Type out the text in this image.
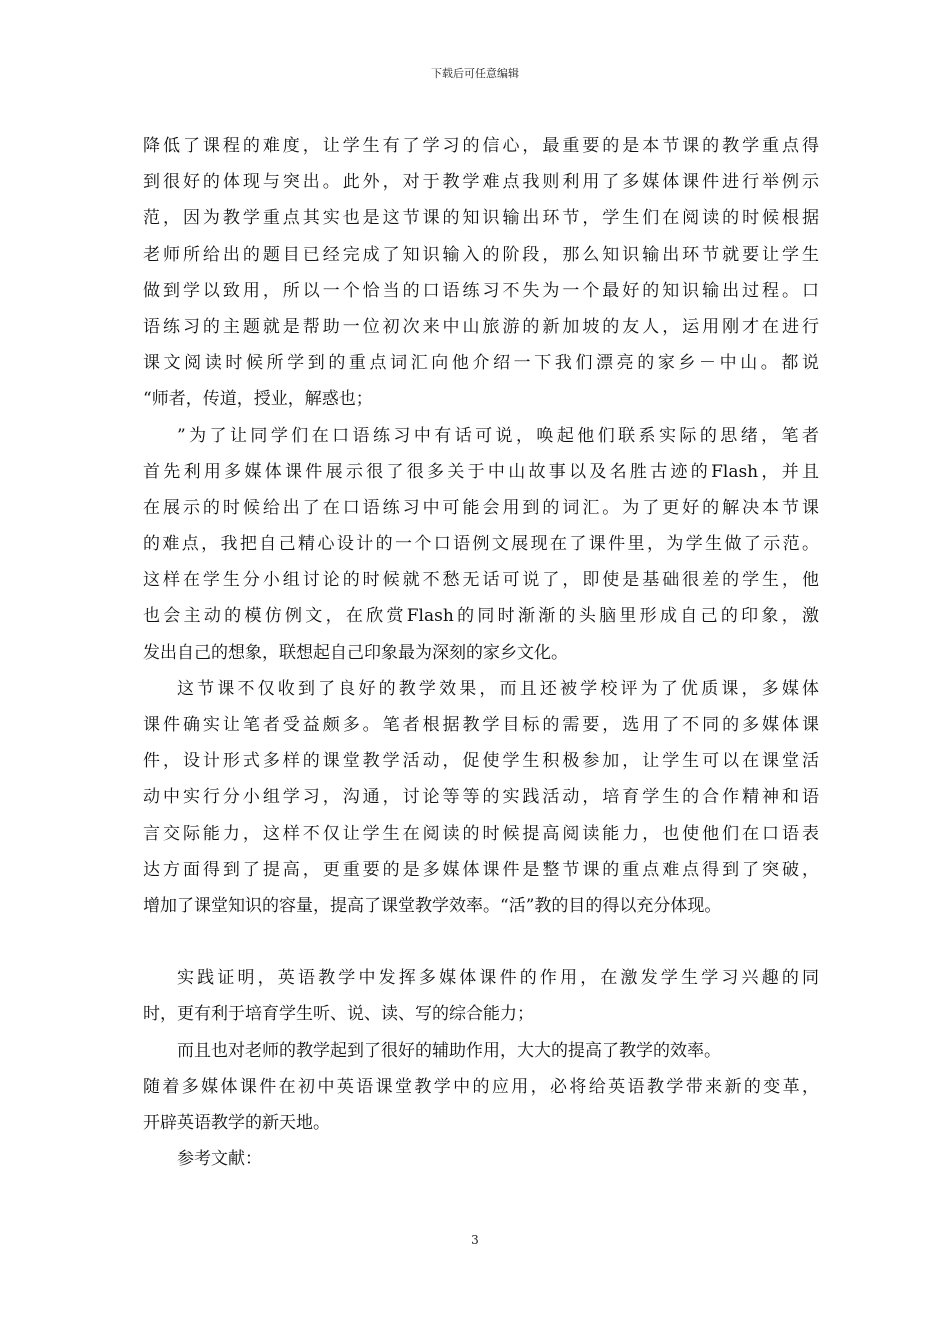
下载后可任意编辑
降低了课程的难度，让学生有了学习的信心，最重要的是本节课的教学重点得
到很好的体现与突出。此外，对于教学难点我则利用了多媒体课件进行举例示
范，因为教学重点其实也是这节课的知识输出环节，学生们在阅读的时候根据
老师所给出的题目已经完成了知识输入的阶段，那么知识输出环节就要让学生
做到学以致用，所以一个恰当的口语练习不失为一个最好的知识输出过程。口
语练习的主题就是帮助一位初次来中山旅游的新加坡的友人，运用刚才在进行
课文阅读时候所学到的重点词汇向他介绍一下我们漂亮的家乡－中山。都说
“师者，传道，授业，解惑也；
”为了让同学们在口语练习中有话可说，唤起他们联系实际的思绪，笔者
首先利用多媒体课件展示很了很多关于中山故事以及名胜古迹的Flash，并且
在展示的时候给出了在口语练习中可能会用到的词汇。为了更好的解决本节课
的难点，我把自己精心设计的一个口语例文展现在了课件里，为学生做了示范。
这样在学生分小组讨论的时候就不愁无话可说了，即使是基础很差的学生，他
也会主动的模仿例文，在欣赏Flash的同时渐渐的头脑里形成自己的印象，激
发出自己的想象，联想起自己印象最为深刻的家乡文化。
这节课不仅收到了良好的教学效果，而且还被学校评为了优质课，多媒体
课件确实让笔者受益颇多。笔者根据教学目标的需要，选用了不同的多媒体课
件，设计形式多样的课堂教学活动，促使学生积极参加，让学生可以在课堂活
动中实行分小组学习，沟通，讨论等等的实践活动，培育学生的合作精神和语
言交际能力，这样不仅让学生在阅读的时候提高阅读能力，也使他们在口语表
达方面得到了提高，更重要的是多媒体课件是整节课的重点难点得到了突破，
增加了课堂知识的容量，提高了课堂教学效率。“活”教的目的得以充分体现。
实践证明，英语教学中发挥多媒体课件的作用，在激发学生学习兴趣的同
时，更有利于培育学生听、说、读、写的综合能力；
而且也对老师的教学起到了很好的辅助作用，大大的提高了教学的效率。
随着多媒体课件在初中英语课堂教学中的应用，必将给英语教学带来新的变革，
开辟英语教学的新天地。
参考文献：
3
